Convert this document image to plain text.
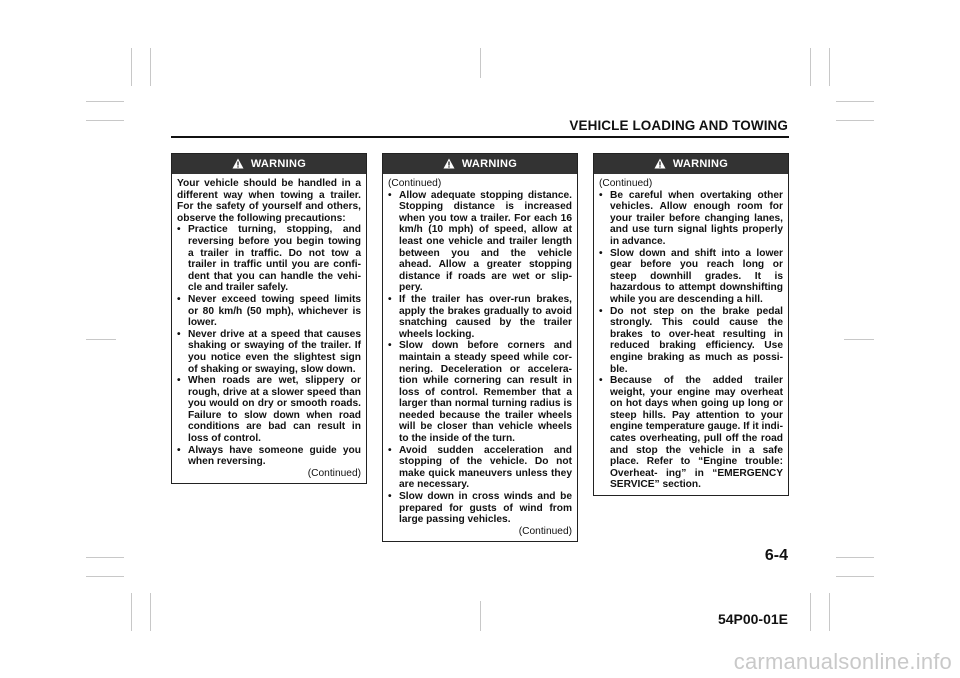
VEHICLE LOADING AND TOWING
WARNING

Your vehicle should be handled in a different way when towing a trailer. For the safety of yourself and others, observe the following precautions:

• Practice turning, stopping, and reversing before you begin towing a trailer in traffic. Do not tow a trailer in traffic until you are confi- dent that you can handle the vehi- cle and trailer safely.
• Never exceed towing speed limits or 80 km/h (50 mph), whichever is lower.
• Never drive at a speed that causes shaking or swaying of the trailer. If you notice even the slightest sign of shaking or swaying, slow down.
• When roads are wet, slippery or rough, drive at a slower speed than you would on dry or smooth roads. Failure to slow down when road conditions are bad can result in loss of control.
• Always have someone guide you when reversing.

(Continued)

WARNING

(Continued)

• Allow adequate stopping distance. Stopping distance is increased when you tow a trailer. For each 16 km/h (10 mph) of speed, allow at least one vehicle and trailer length between you and the vehicle ahead. Allow a greater stopping distance if roads are wet or slip- pery.
• If the trailer has over-run brakes, apply the brakes gradually to avoid snatching caused by the trailer wheels locking.
• Slow down before corners and maintain a steady speed while cor- nering. Deceleration or accelera- tion while cornering can result in loss of control. Remember that a larger than normal turning radius is needed because the trailer wheels will be closer than vehicle wheels to the inside of the turn.
• Avoid sudden acceleration and stopping of the vehicle. Do not make quick maneuvers unless they are necessary.
• Slow down in cross winds and be prepared for gusts of wind from large passing vehicles.

(Continued)

WARNING

(Continued)

• Be careful when overtaking other vehicles. Allow enough room for your trailer before changing lanes, and use turn signal lights properly in advance.
• Slow down and shift into a lower gear before you reach long or steep downhill grades. It is hazardous to attempt downshifting while you are descending a hill.
• Do not step on the brake pedal strongly. This could cause the brakes to over-heat resulting in reduced braking efficiency. Use engine braking as much as possi- ble.
• Because of the added trailer weight, your engine may overheat on hot days when going up long or steep hills. Pay attention to your engine temperature gauge. If it indi- cates overheating, pull off the road and stop the vehicle in a safe place. Refer to “Engine trouble: Overheat- ing” in “EMERGENCY SERVICE” section.
6-4
54P00-01E
carmanualsonline.info
